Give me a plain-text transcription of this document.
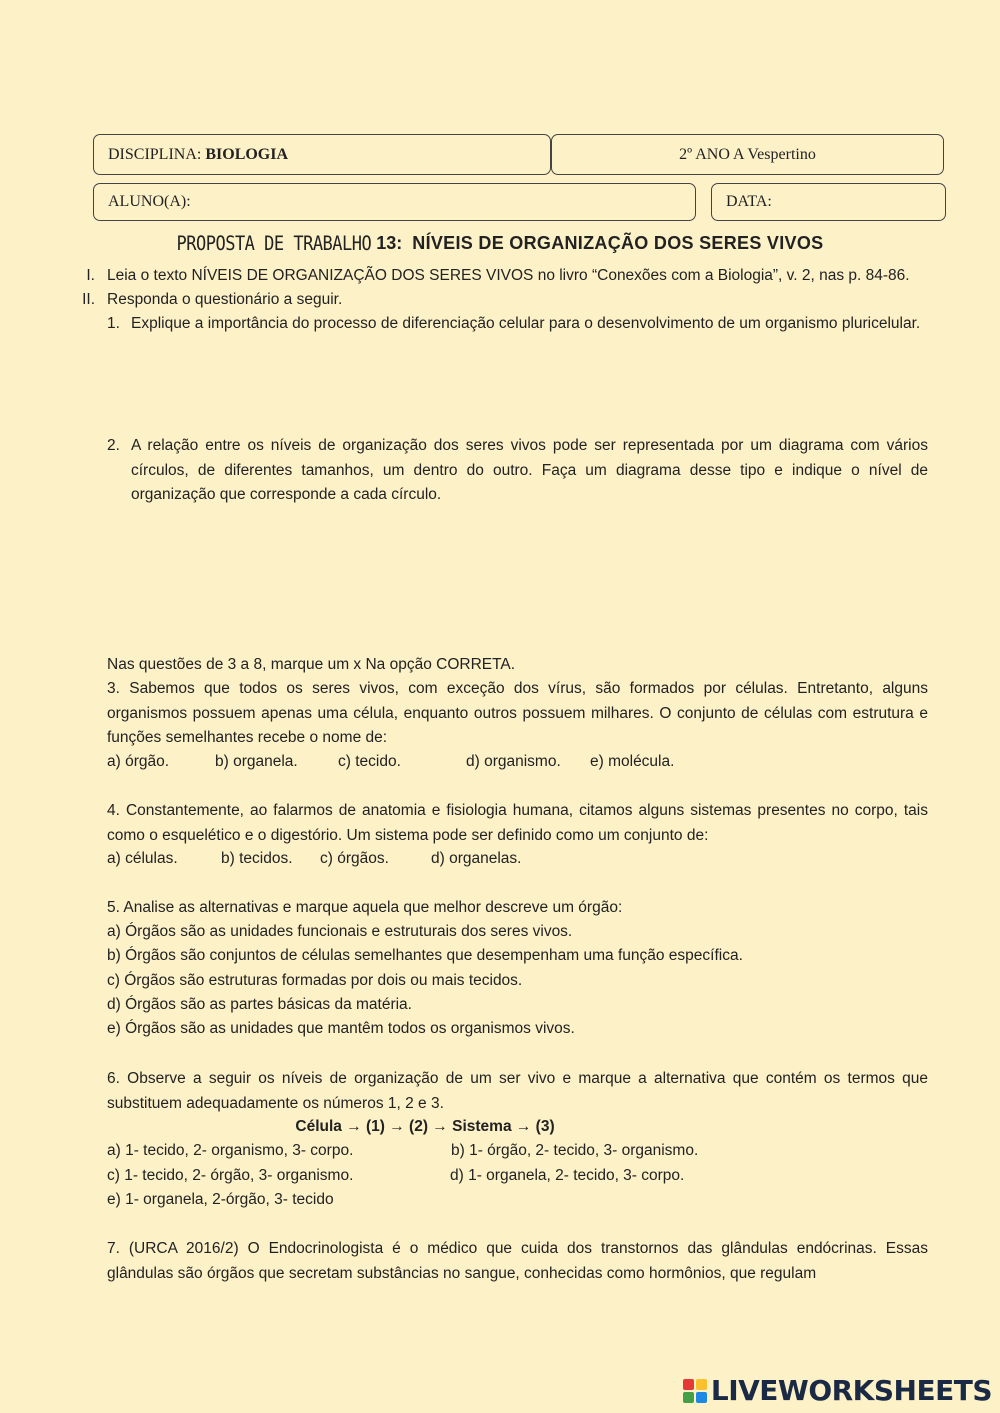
DISCIPLINA:
BIOLOGIA	2º ANO A Vespertino
ALUNO(A):	DATA:
PROPOSTA DE TRABALHO 13: NÍVEIS DE ORGANIZAÇÃO DOS SERES VIVOS
I. Leia o texto NÍVEIS DE ORGANIZAÇÃO DOS SERES VIVOS no livro “Conexões com a Biologia”, v. 2, nas p. 84-86.
II. Responda o questionário a seguir.
1. Explique a importância do processo de diferenciação celular para o desenvolvimento de um organismo pluricelular.
2. A relação entre os níveis de organização dos seres vivos pode ser representada por um diagrama com vários círculos, de diferentes tamanhos, um dentro do outro. Faça um diagrama desse tipo e indique o nível de organização que corresponde a cada círculo.
Nas questões de 3 a 8, marque um x Na opção CORRETA.
3. Sabemos que todos os seres vivos, com exceção dos vírus, são formados por células. Entretanto, alguns organismos possuem apenas uma célula, enquanto outros possuem milhares. O conjunto de células com estrutura e funções semelhantes recebe o nome de:
a) órgão.	b) organela.	c) tecido.	d) organismo. e) molécula.
4. Constantemente, ao falarmos de anatomia e fisiologia humana, citamos alguns sistemas presentes no corpo, tais como o esquelético e o digestório. Um sistema pode ser definido como um conjunto de:
a) células.	b) tecidos. c) órgãos.	d) organelas.
5. Analise as alternativas e marque aquela que melhor descreve um órgão:
a) Órgãos são as unidades funcionais e estruturais dos seres vivos.
b) Órgãos são conjuntos de células semelhantes que desempenham uma função específica.
c) Órgãos são estruturas formadas por dois ou mais tecidos.
d) Órgãos são as partes básicas da matéria.
e) Órgãos são as unidades que mantêm todos os organismos vivos.
6. Observe a seguir os níveis de organização de um ser vivo e marque a alternativa que contém os termos que substituem adequadamente os números 1, 2 e 3.
Célula → (1) → (2) → Sistema → (3)
a) 1- tecido, 2- organismo, 3- corpo.	b) 1- órgão, 2- tecido, 3- organismo.
c) 1- tecido, 2- órgão, 3- organismo.	d) 1- organela, 2- tecido, 3- corpo.
e) 1- organela, 2-órgão, 3- tecido
7. (URCA 2016/2) O Endocrinologista é o médico que cuida dos transtornos das glândulas endócrinas. Essas glândulas são órgãos que secretam substâncias no sangue, conhecidas como hormônios, que regulam
LIVEWORKSHEETS
